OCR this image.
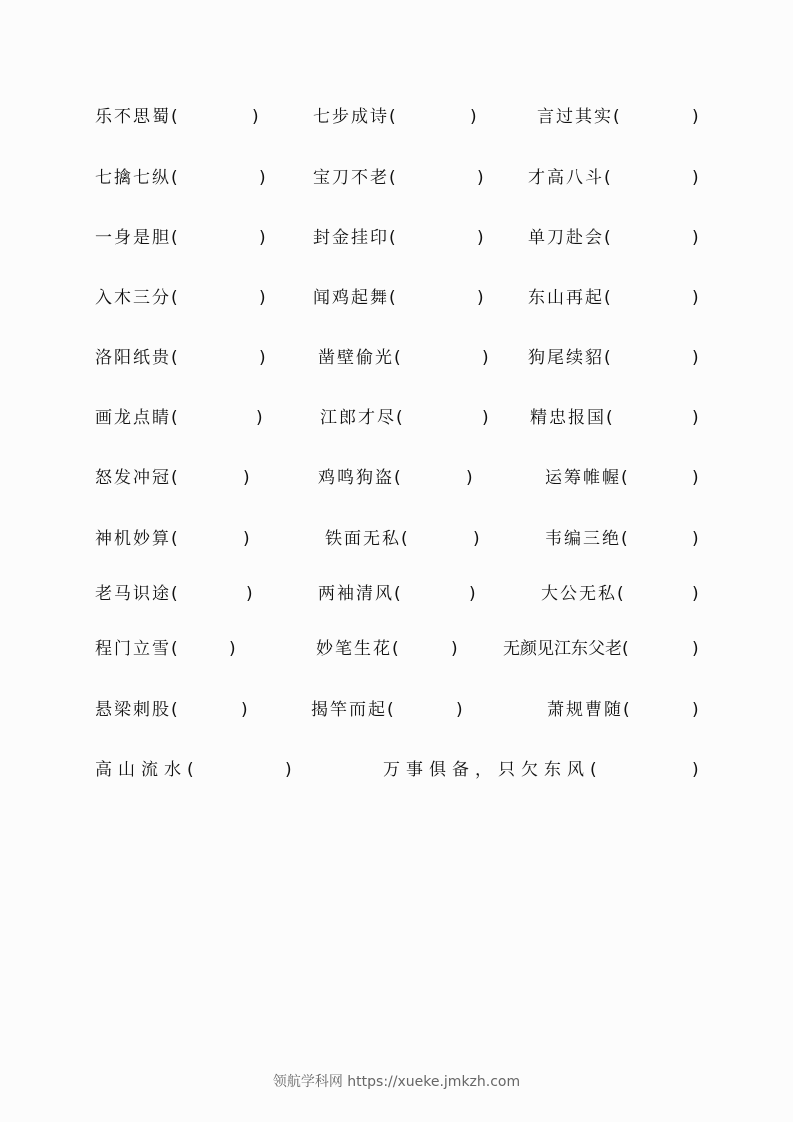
乐不思蜀(	)	七步成诗(	)	言过其实(	)
七擒七纵(	)	宝刀不老(	)	才高八斗(	)
一身是胆(	)	封金挂印(	)	单刀赴会(	)
入木三分(	)	闻鸡起舞(	)	东山再起(	)
洛阳纸贵(	)	凿壁偷光(	) 狗尾续貂(	)
画龙点睛(	)	江郎才尽(	) 精忠报国(	)
怒发冲冠(	)	鸡鸣狗盗(	)	运筹帷幄(	)
神机妙算(	)	铁面无私(	)	韦编三绝(	)
老马识途(	)	两袖清风(	)	大公无私(	)
程门立雪(	)	妙笔生花(	)	无颜见江东父老(	)
悬梁刺股(	)	揭竿而起(	)	萧规曹随(	)
高山流水(	)	万事俱备，只欠东风(	)
领航学科网 https://xueke.jmkzh.com
